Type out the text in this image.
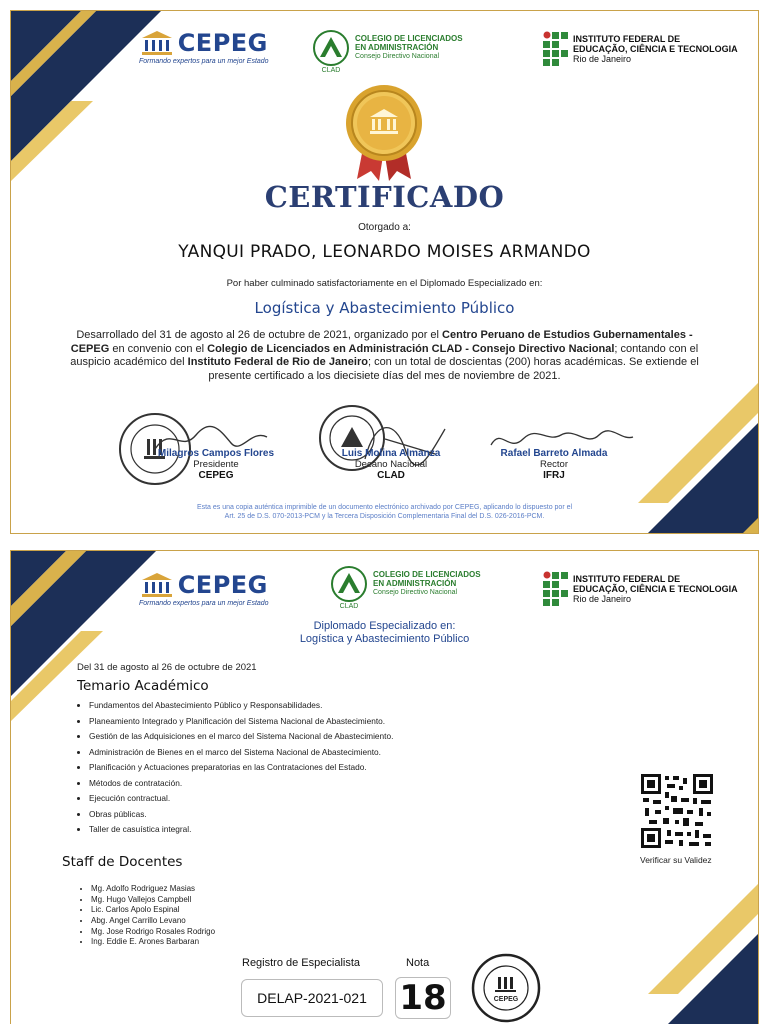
CEPEG
Formando expertos para un mejor Estado
CLAD
COLEGIO DE LICENCIADOS
EN ADMINISTRACIÓN
Consejo Directivo Nacional
INSTITUTO FEDERAL DE
EDUCAÇÃO, CIÊNCIA E TECNOLOGIA
Rio de Janeiro
CERTIFICADO
Otorgado a:
YANQUI PRADO, LEONARDO MOISES ARMANDO
Por haber culminado satisfactoriamente en el Diplomado Especializado en:
Logística y Abastecimiento Público
Desarrollado del 31 de agosto al 26 de octubre de 2021, organizado por el Centro Peruano de Estudios Gubernamentales - CEPEG en convenio con el Colegio de Licenciados en Administración CLAD - Consejo Directivo Nacional; contando con el auspicio académico del Instituto Federal de Rio de Janeiro; con un total de doscientas (200) horas académicas. Se extiende el presente certificado a los diecisiete días del mes de noviembre de 2021.
Milagros Campos Flores
Presidente
CEPEG
Luis Molina Almanza
Decano Nacional
CLAD
Rafael Barreto Almada
Rector
IFRJ
Esta es una copia auténtica imprimible de un documento electrónico archivado por CEPEG, aplicando lo dispuesto por el
Art. 25 de D.S. 070-2013-PCM y la Tercera Disposición Complementaria Final del D.S. 026-2016-PCM.
CEPEG
Formando expertos para un mejor Estado	CLAD
COLEGIO DE LICENCIADOS
EN ADMINISTRACIÓN
Consejo Directivo Nacional
INSTITUTO FEDERAL DE
EDUCAÇÃO, CIÊNCIA E TECNOLOGIA
Rio de Janeiro
Diplomado Especializado en:
Logística y Abastecimiento Público
Del 31 de agosto al 26 de octubre de 2021
Temario Académico
• Fundamentos del Abastecimiento Público y Responsabilidades.
• Planeamiento Integrado y Planificación del Sistema Nacional de Abastecimiento.
• Gestión de las Adquisiciones en el marco del Sistema Nacional de Abastecimiento.
• Administración de Bienes en el marco del Sistema Nacional de Abastecimiento.
• Planificación y Actuaciones preparatorias en las Contrataciones del Estado.
• Métodos de contratación.
• Ejecución contractual.
• Obras públicas.
• Taller de casuística integral.
Staff de Docentes
• Mg. Adolfo Rodriguez Masias
• Mg. Hugo Vallejos Campbell
• Lic. Carlos Apolo Espinal
• Abg. Angel Carrillo Levano
• Mg. Jose Rodrigo Rosales Rodrigo
• Ing. Eddie E. Arones Barbaran
Verificar su Validez
Registro de Especialista
DELAP-2021-021
Nota
18	CEPEG
